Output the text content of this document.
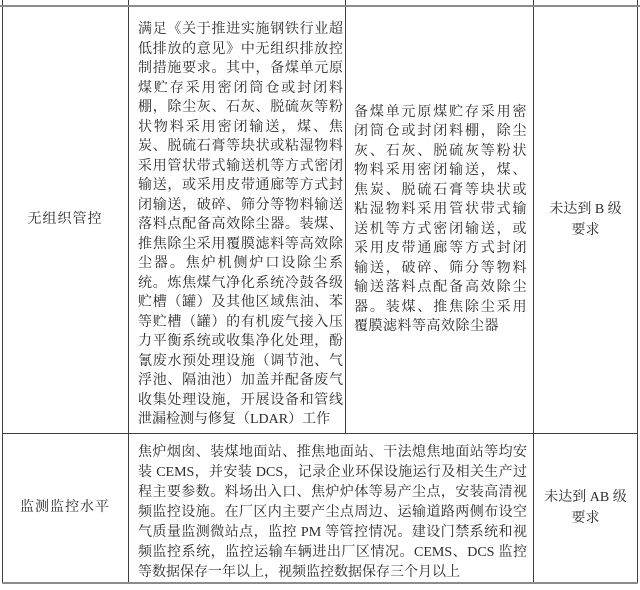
无组织管控
满足《关于推进实施钢铁行业超低排放的意见》中无组织排放控制措施要求。其中，备煤单元原煤贮存采用密闭筒仓或封闭料棚，除尘灰、石灰、脱硫灰等粉状物料采用密闭输送，煤、焦炭、脱硫石膏等块状或粘湿物料采用管状带式输送机等方式密闭输送，或采用皮带通廊等方式封闭输送，破碎、筛分等物料输送落料点配备高效除尘器。装煤、推焦除尘采用覆膜滤料等高效除尘器。焦炉机侧炉口设除尘系统。炼焦煤气净化系统冷鼓各级贮槽（罐）及其他区域焦油、苯等贮槽（罐）的有机废气接入压力平衡系统或收集净化处理，酚氰废水预处理设施（调节池、气浮池、隔油池）加盖并配备废气收集处理设施，开展设备和管线泄漏检测与修复（LDAR）工作
备煤单元原煤贮存采用密闭筒仓或封闭料棚，除尘灰、石灰、脱硫灰等粉状物料采用密闭输送，煤、焦炭、脱硫石膏等块状或粘湿物料采用管状带式输送机等方式密闭输送，或采用皮带通廊等方式封闭输送，破碎、筛分等物料输送落料点配备高效除尘器。装煤、推焦除尘采用覆膜滤料等高效除尘器
未达到 B 级要求
监测监控水平
焦炉烟囱、装煤地面站、推焦地面站、干法熄焦地面站等均安装 CEMS，并安装 DCS，记录企业环保设施运行及相关生产过程主要参数。料场出入口、焦炉炉体等易产尘点，安装高清视频监控设施。在厂区内主要产尘点周边、运输道路两侧布设空气质量监测微站点，监控 PM 等管控情况。建设门禁系统和视频监控系统，监控运输车辆进出厂区情况。CEMS、DCS 监控等数据保存一年以上，视频监控数据保存三个月以上
未达到 AB 级要求
